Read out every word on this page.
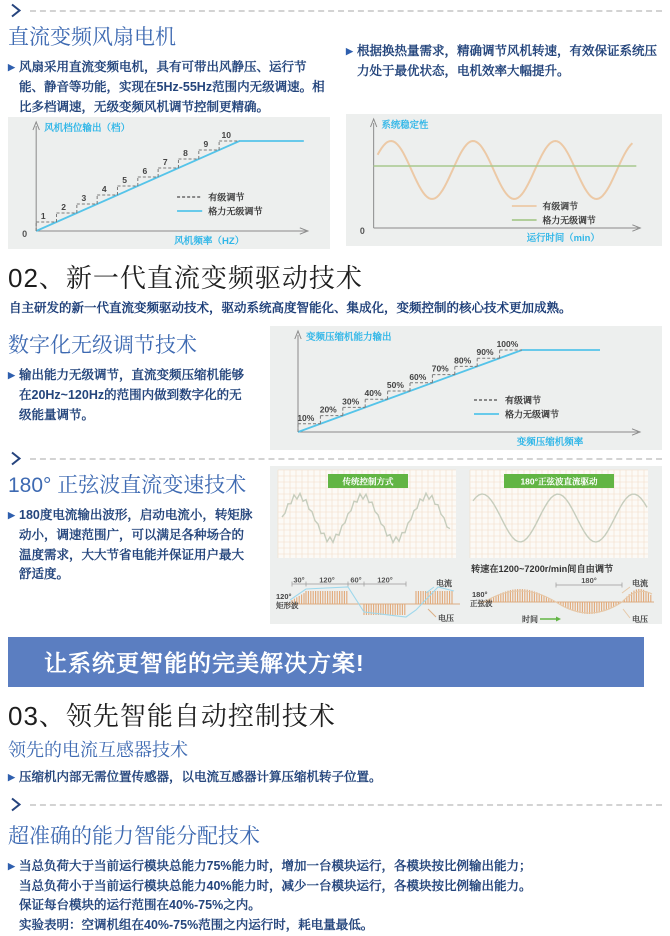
直流变频风扇电机

▶ 风扇采用直流变频电机，具有可带出风静压、运行节能、静音等功能，实现在5Hz-55Hz范围内无级调速。相比多档调速，无级变频风机调节控制更精确。

风机档位输出（档）
风机频率（HZ）
0
1
2
3
4
5
6
7
8
9
10
有级调节
格力无级调节

▶ 根据换热量需求，精确调节风机转速，有效保证系统压力处于最优状态，电机效率大幅提升。

系统稳定性
运行时间（min）
0
有级调节
格力无级调节
02、新一代直流变频驱动技术

自主研发的新一代直流变频驱动技术，驱动系统高度智能化、集成化，变频控制的核心技术更加成熟。

数字化无级调节技术

▶ 输出能力无级调节，直流变频压缩机能够在20Hz~120Hz的范围内做到数字化的无级能量调节。

变频压缩机能力输出
变频压缩机频率
10%
20%
30%
40%
50%
60%
70%
80%
90%
100%
有级调节
格力无级调节
180° 正弦波直流变速技术

▶ 180度电流输出波形，启动电流小，转矩脉动小，调速范围广，可以满足各种场合的温度需求，大大节省电能并保证用户最大舒适度。

传统控制方式	180°正弦波直流驱动
转速在1200~7200r/min间自由调节
30° 120° 60° 120°
120°
矩形波
电流
电压
180°
180°
正弦波
时间
电流
电压
让系统更智能的完美解决方案!
03、领先智能自动控制技术
领先的电流互感器技术

▶ 压缩机内部无需位置传感器，以电流互感器计算压缩机转子位置。

超准确的能力智能分配技术

▶ 当总负荷大于当前运行模块总能力75%能力时，增加一台模块运行，各模块按比例输出能力；

当总负荷小于当前运行模块总能力40%能力时，减少一台模块运行，各模块按比例输出能力。

保证每台模块的运行范围在40%-75%之内。

实验表明：空调机组在40%-75%范围之内运行时，耗电量最低。
